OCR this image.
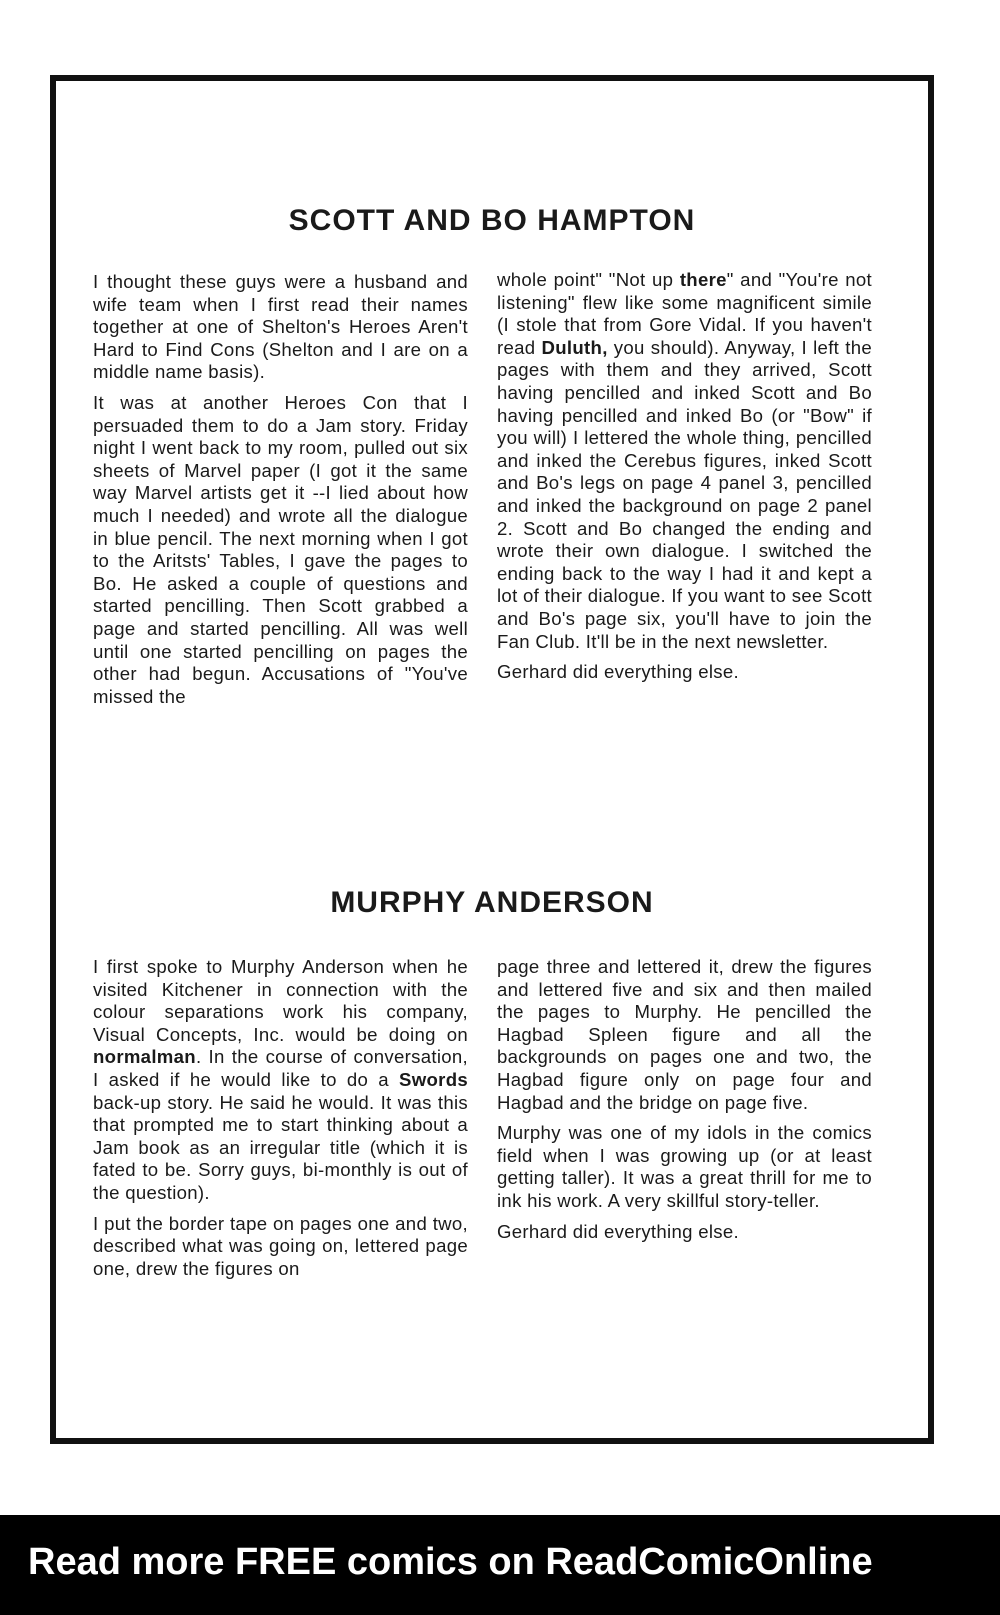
SCOTT AND BO HAMPTON

I thought these guys were a husband and wife team when I first read their names together at one of Shelton's Heroes Aren't Hard to Find Cons (Shelton and I are on a middle name basis).

It was at another Heroes Con that I persuaded them to do a Jam story. Friday night I went back to my room, pulled out six sheets of Marvel paper (I got it the same way Marvel artists get it --I lied about how much I needed) and wrote all the dialogue in blue pencil. The next morning when I got to the Aritsts' Tables, I gave the pages to Bo. He asked a couple of questions and started pencilling. Then Scott grabbed a page and started pencilling. All was well until one started pencilling on pages the other had begun. Accusations of "You've missed the

whole point" "Not up there" and "You're not listening" flew like some magnificent simile (I stole that from Gore Vidal. If you haven't read Duluth, you should). Anyway, I left the pages with them and they arrived, Scott having pencilled and inked Scott and Bo having pencilled and inked Bo (or "Bow" if you will) I lettered the whole thing, pencilled and inked the Cerebus figures, inked Scott and Bo's legs on page 4 panel 3, pencilled and inked the background on page 2 panel 2. Scott and Bo changed the ending and wrote their own dialogue. I switched the ending back to the way I had it and kept a lot of their dialogue. If you want to see Scott and Bo's page six, you'll have to join the Fan Club. It'll be in the next newsletter.

Gerhard did everything else.

MURPHY ANDERSON

I first spoke to Murphy Anderson when he visited Kitchener in connection with the colour separations work his company, Visual Concepts, Inc. would be doing on normalman. In the course of conversation, I asked if he would like to do a Swords back-up story. He said he would. It was this that prompted me to start thinking about a Jam book as an irregular title (which it is fated to be. Sorry guys, bi-monthly is out of the question).

I put the border tape on pages one and two, described what was going on, lettered page one, drew the figures on

page three and lettered it, drew the figures and lettered five and six and then mailed the pages to Murphy. He pencilled the Hagbad Spleen figure and all the backgrounds on pages one and two, the Hagbad figure only on page four and Hagbad and the bridge on page five.

Murphy was one of my idols in the comics field when I was growing up (or at least getting taller). It was a great thrill for me to ink his work. A very skillful story-teller.

Gerhard did everything else.

Read more FREE comics on ReadComicOnline
